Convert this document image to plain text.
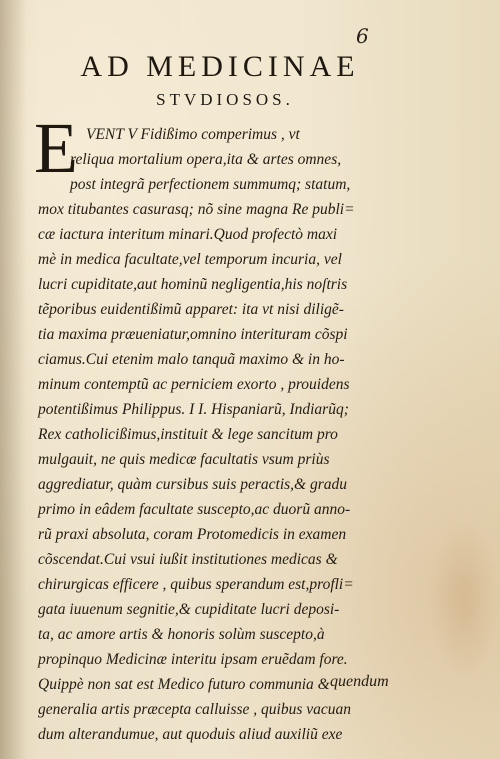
6
AD MEDICINAE
STVDIOSOS.
E VENT V Fidißimo comperimus , vt
reliqua mortalium opera,ita & artes omnes,
post integrã perfectionem summumq; statum,
mox titubantes casurasq; nõ sine magna Re publi=
cæ iactura interitum minari.Quod profectò maxi
mè in medica facultate,vel temporum incuria, vel
lucri cupiditate,aut hominũ negligentia,his noſtris
tẽporibus euidentißimũ apparet: ita vt nisi diligẽ-
tia maxima præueniatur,omnino interituram cõspi
ciamus.Cui etenim malo tanquã maximo & in ho-
minum contemptũ ac perniciem exorto , prouidens
potentißimus Philippus. I I. Hispaniarũ, Indiarũq;
Rex catholicißimus,instituit & lege sancitum pro
mulgauit, ne quis medicæ facultatis vsum priùs
aggrediatur, quàm cursibus suis peractis,& gradu
primo in eâdem facultate suscepto,ac duorũ anno-
rũ praxi absoluta, coram Protomedicis in examen
cõscendat.Cui vsui iußit institutiones medicas &
chirurgicas efficere , quibus sperandum est,profli=
gata iuuenum segnitie,& cupiditate lucri deposi-
ta, ac amore artis & honoris solùm suscepto,à
propinquo Medicinæ interitu ipsam eruẽdam fore.
Quippè non sat est Medico futuro communia &
generalia artis præcepta calluisse , quibus vacuan
dum alterandumue, aut quoduis aliud auxiliũ exe
quendum
